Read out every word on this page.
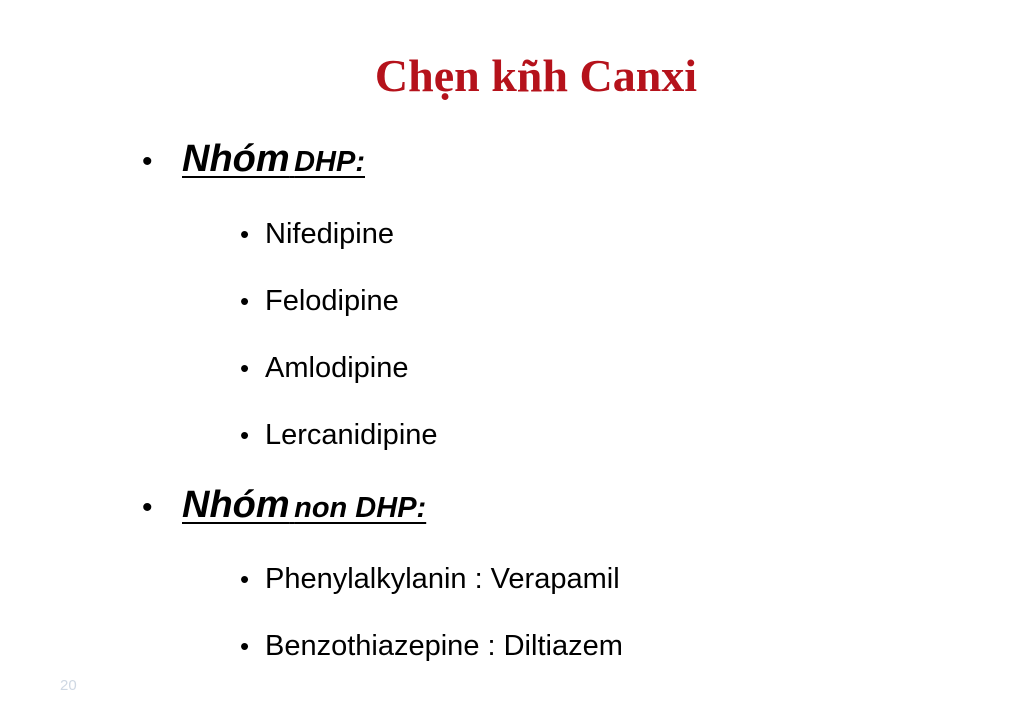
Chẹn kñh Canxi
• Nhóm DHP:
• Nifedipine
• Felodipine
• Amlodipine
• Lercanidipine
• Nhóm non DHP:
• Phenylalkylanin : Verapamil
• Benzothiazepine : Diltiazem
20
